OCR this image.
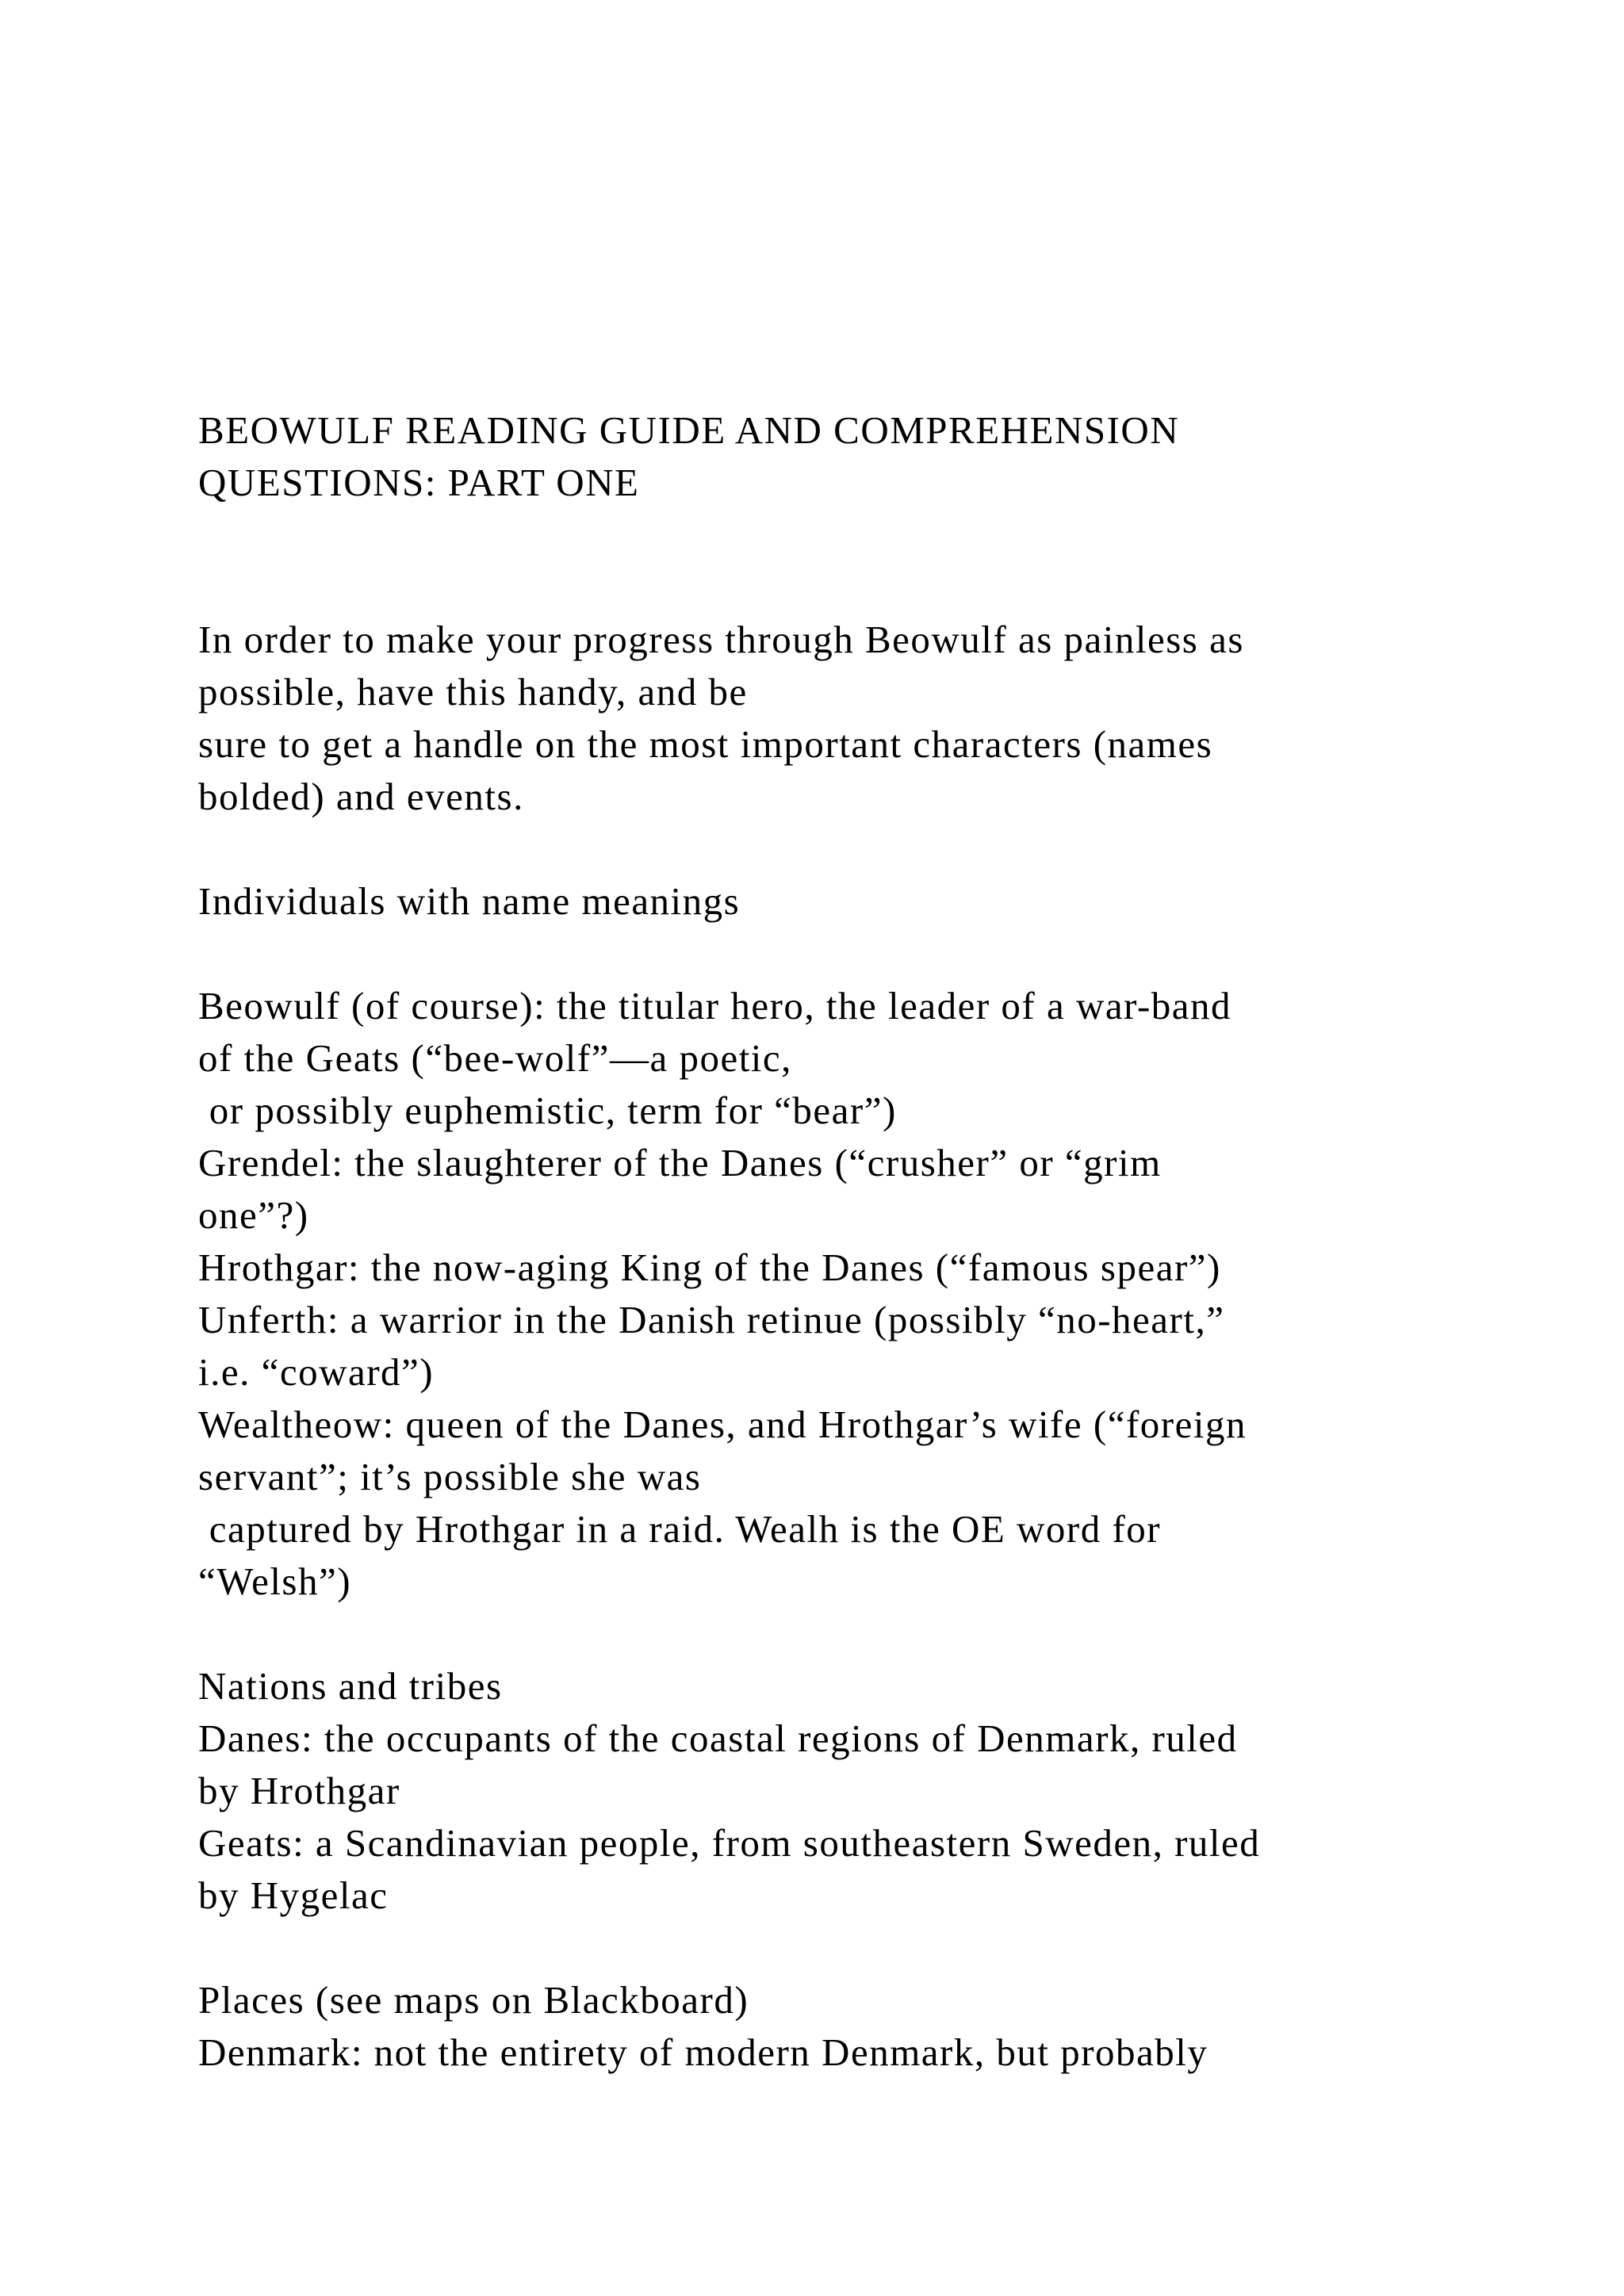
BEOWULF READING GUIDE AND COMPREHENSION
QUESTIONS: PART ONE
In order to make your progress through Beowulf as painless as
possible, have this handy, and be
sure to get a handle on the most important characters (names
bolded) and events.
Individuals with name meanings
Beowulf (of course): the titular hero, the leader of a war-band
of the Geats (“bee-wolf”—a poetic,
or possibly euphemistic, term for “bear”)
Grendel: the slaughterer of the Danes (“crusher” or “grim
one”?)
Hrothgar: the now-aging King of the Danes (“famous spear”)
Unferth: a warrior in the Danish retinue (possibly “no-heart,”
i.e. “coward”)
Wealtheow: queen of the Danes, and Hrothgar’s wife (“foreign
servant”; it’s possible she was
captured by Hrothgar in a raid. Wealh is the OE word for
“Welsh”)
Nations and tribes
Danes: the occupants of the coastal regions of Denmark, ruled
by Hrothgar
Geats: a Scandinavian people, from southeastern Sweden, ruled
by Hygelac
Places (see maps on Blackboard)
Denmark: not the entirety of modern Denmark, but probably
